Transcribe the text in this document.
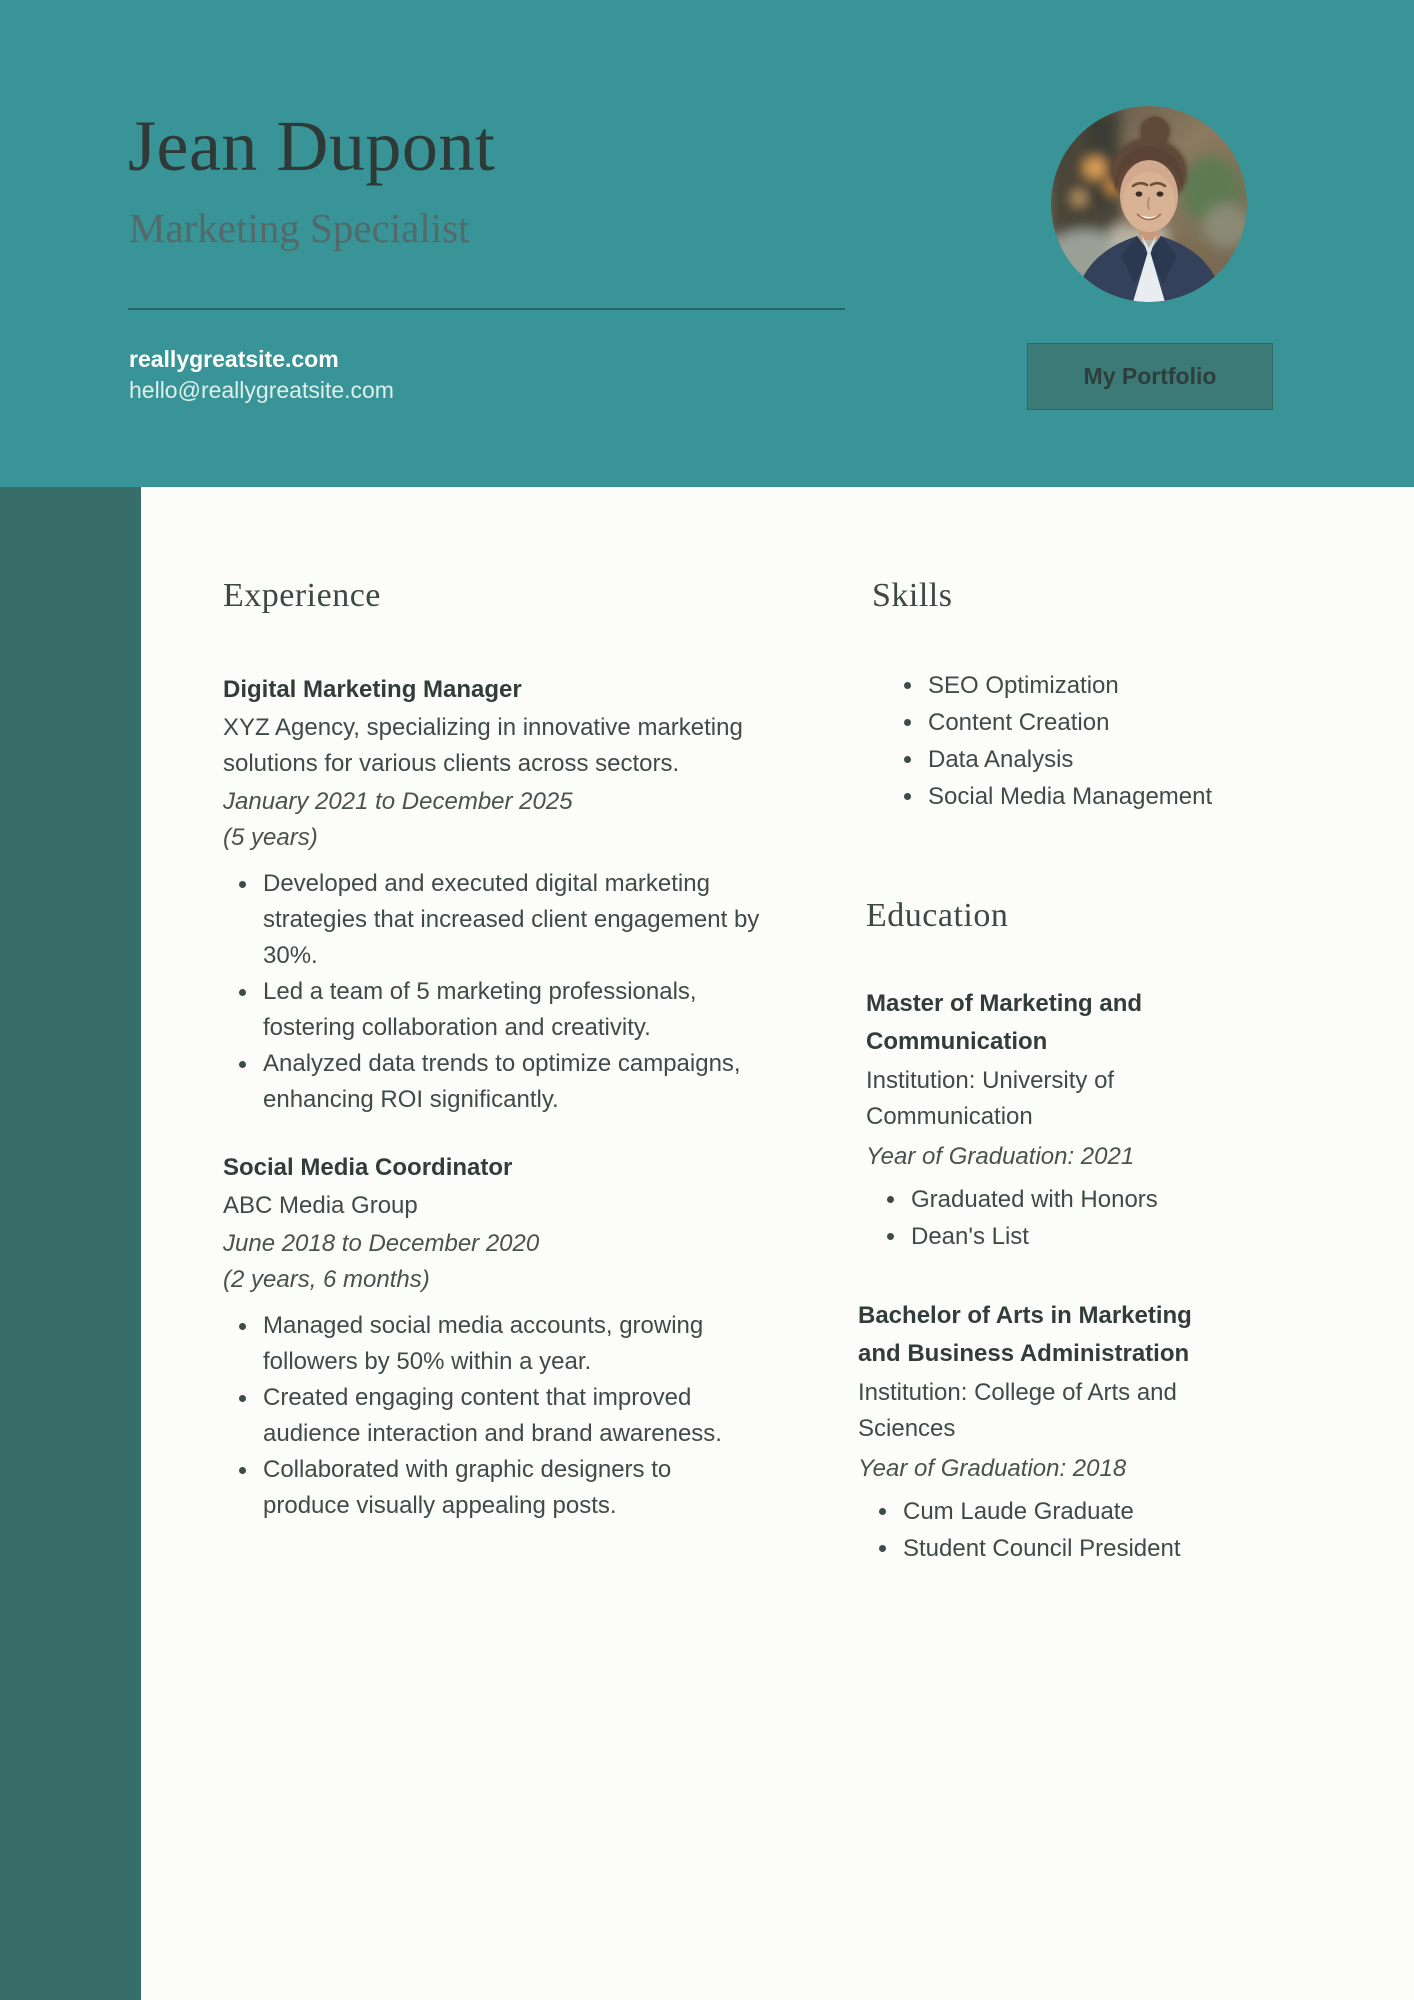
Jean Dupont
Marketing Specialist
reallygreatsite.com
hello@reallygreatsite.com
My Portfolio
Experience
Digital Marketing Manager
XYZ Agency, specializing in innovative marketing solutions for various clients across sectors.
January 2021 to December 2025
(5 years)
Developed and executed digital marketing strategies that increased client engagement by 30%.
Led a team of 5 marketing professionals, fostering collaboration and creativity.
Analyzed data trends to optimize campaigns, enhancing ROI significantly.
Social Media Coordinator
ABC Media Group
June 2018 to December 2020
(2 years, 6 months)
Managed social media accounts, growing followers by 50% within a year.
Created engaging content that improved audience interaction and brand awareness.
Collaborated with graphic designers to produce visually appealing posts.
Skills
SEO Optimization
Content Creation
Data Analysis
Social Media Management
Education
Master of Marketing and Communication
Institution: University of Communication
Year of Graduation: 2021
Graduated with Honors
Dean's List
Bachelor of Arts in Marketing and Business Administration
Institution: College of Arts and Sciences
Year of Graduation: 2018
Cum Laude Graduate
Student Council President
